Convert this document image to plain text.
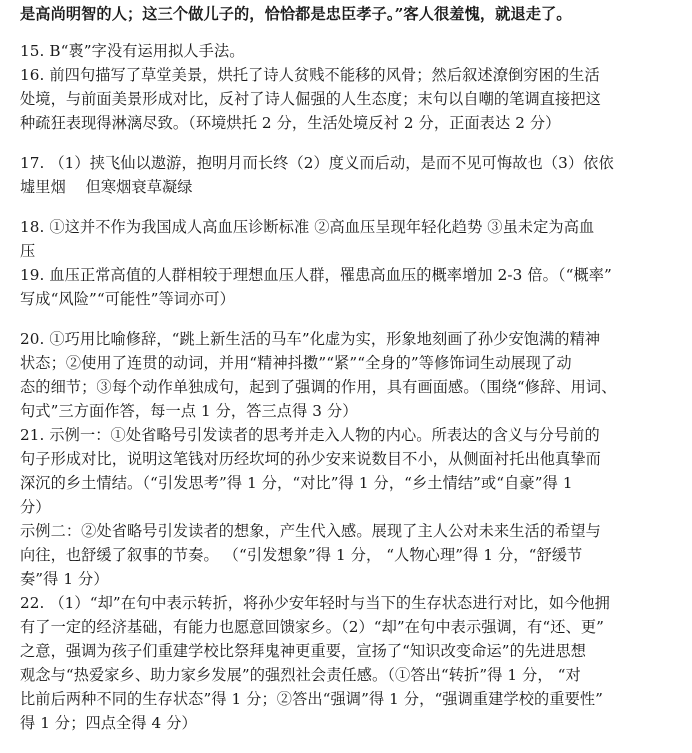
是高尚明智的人；这三个做儿子的，恰恰都是忠臣孝子。”客人很羞愧，就退走了。
15. B“褭”字没有运用拟人手法。
16. 前四句描写了草堂美景，烘托了诗人贫贱不能移的风骨；然后叙述潦倒穷困的生活
处境，与前面美景形成对比，反衬了诗人倔强的人生态度；末句以自嘲的笔调直接把这
种疏狂表现得淋漓尽致。（环境烘托 2 分，生活处境反衬 2 分，正面表达 2 分）
17. （1）挟飞仙以遨游，抱明月而长终（2）度义而后动，是而不见可悔故也（3）依依
墟里烟    但寒烟衰草凝绿
18. ①这并不作为我国成人高血压诊断标准 ②高血压呈现年轻化趋势 ③虽未定为高血
压
19. 血压正常高值的人群相较于理想血压人群，罹患高血压的概率增加 2-3 倍。（“概率”
写成“风险”“可能性”等词亦可）
20. ①巧用比喻修辞，“跳上新生活的马车”化虚为实，形象地刻画了孙少安饱满的精神
状态；②使用了连贯的动词，并用“精神抖擞”“紧”“全身的”等修饰词生动展现了动
态的细节；③每个动作单独成句，起到了强调的作用，具有画面感。（围绕“修辞、用词、
句式”三方面作答，每一点 1 分，答三点得 3 分）
21. 示例一：①处省略号引发读者的思考并走入人物的内心。所表达的含义与分号前的
句子形成对比，说明这笔钱对历经坎坷的孙少安来说数目不小，从侧面衬托出他真挚而
深沉的乡土情结。（“引发思考”得 1 分，“对比”得 1 分，“乡土情结”或“自豪”得 1
分）
示例二：②处省略号引发读者的想象，产生代入感。展现了主人公对未来生活的希望与
向往，也舒缓了叙事的节奏。 （“引发想象”得 1 分， “人物心理”得 1 分，“舒缓节
奏”得 1 分）
22. （1）“却”在句中表示转折，将孙少安年轻时与当下的生存状态进行对比，如今他拥
有了一定的经济基础，有能力也愿意回馈家乡。（2）“却”在句中表示强调，有“还、更”
之意，强调为孩子们重建学校比祭拜鬼神更重要，宣扬了“知识改变命运”的先进思想
观念与“热爱家乡、助力家乡发展”的强烈社会责任感。（①答出“转折”得 1 分， “对
比前后两种不同的生存状态”得 1 分；②答出“强调”得 1 分，“强调重建学校的重要性”
得 1 分；四点全得 4 分）
